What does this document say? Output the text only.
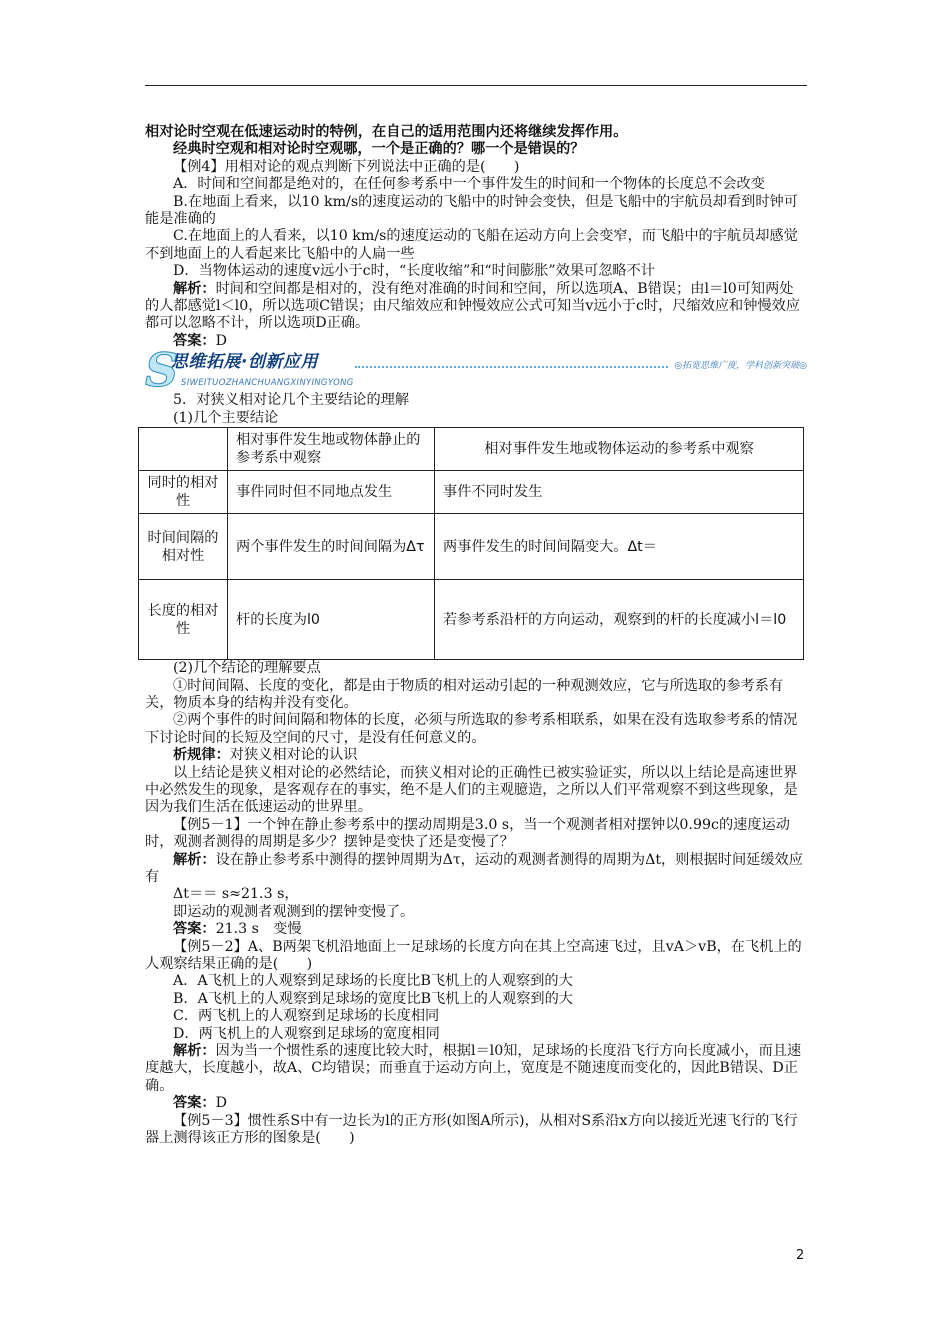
相对论时空观在低速运动时的特例，在自己的适用范围内还将继续发挥作用。

经典时空观和相对论时空观哪，一个是正确的？哪一个是错误的？

【例4】用相对论的观点判断下列说法中正确的是(　　)

A．时间和空间都是绝对的，在任何参考系中一个事件发生的时间和一个物体的长度总不会改变

B.在地面上看来，以10 km/s的速度运动的飞船中的时钟会变快，但是飞船中的宇航员却看到时钟可能是准确的

C.在地面上的人看来，以10 km/s的速度运动的飞船在运动方向上会变窄，而飞船中的宇航员却感觉不到地面上的人看起来比飞船中的人扁一些

D．当物体运动的速度v远小于c时，“长度收缩”和“时间膨胀”效果可忽略不计

解析：时间和空间都是相对的，没有绝对准确的时间和空间，所以选项A、B错误；由l＝l0可知两处的人都感觉l＜l0，所以选项C错误；由尺缩效应和钟慢效应公式可知当v远小于c时，尺缩效应和钟慢效应都可以忽略不计，所以选项D正确。

答案：D

S
思维拓展·创新应用
SIWEITUOZHANCHUANGXINYINGYONG
◎拓宽思维广度，学科创新突破◎

5．对狭义相对论几个主要结论的理解

(1)几个主要结论

	相对事件发生地或物体静止的参考系中观察	相对事件发生地或物体运动的参考系中观察
同时的相对性	事件同时但不同地点发生	事件不同时发生
时间间隔的相对性	两个事件发生的时间间隔为Δτ	两事件发生的时间间隔变大。Δt＝
长度的相对性	杆的长度为l0	若参考系沿杆的方向运动，观察到的杆的长度减小l＝l0

(2)几个结论的理解要点

①时间间隔、长度的变化，都是由于物质的相对运动引起的一种观测效应，它与所选取的参考系有关，物质本身的结构并没有变化。

②两个事件的时间间隔和物体的长度，必须与所选取的参考系相联系，如果在没有选取参考系的情况下讨论时间的长短及空间的尺寸，是没有任何意义的。

析规律：对狭义相对论的认识

以上结论是狭义相对论的必然结论，而狭义相对论的正确性已被实验证实，所以以上结论是高速世界中必然发生的现象，是客观存在的事实，绝不是人们的主观臆造，之所以人们平常观察不到这些现象，是因为我们生活在低速运动的世界里。

【例5－1】一个钟在静止参考系中的摆动周期是3.0 s，当一个观测者相对摆钟以0.99c的速度运动时，观测者测得的周期是多少？摆钟是变快了还是变慢了？

解析：设在静止参考系中测得的摆钟周期为Δτ，运动的观测者测得的周期为Δt，则根据时间延缓效应有

Δt＝＝ s≈21.3 s，

即运动的观测者观测到的摆钟变慢了。

答案：21.3 s　变慢

【例5－2】A、B两架飞机沿地面上一足球场的长度方向在其上空高速飞过，且vA＞vB，在飞机上的人观察结果正确的是(　　)

A．A飞机上的人观察到足球场的长度比B飞机上的人观察到的大

B．A飞机上的人观察到足球场的宽度比B飞机上的人观察到的大

C．两飞机上的人观察到足球场的长度相同

D．两飞机上的人观察到足球场的宽度相同

解析：因为当一个惯性系的速度比较大时，根据l＝l0知，足球场的长度沿飞行方向长度减小，而且速度越大，长度越小，故A、C均错误；而垂直于运动方向上，宽度是不随速度而变化的，因此B错误、D正确。

答案：D

【例5－3】惯性系S中有一边长为l的正方形(如图A所示)，从相对S系沿x方向以接近光速飞行的飞行器上测得该正方形的图象是(　　)

2
